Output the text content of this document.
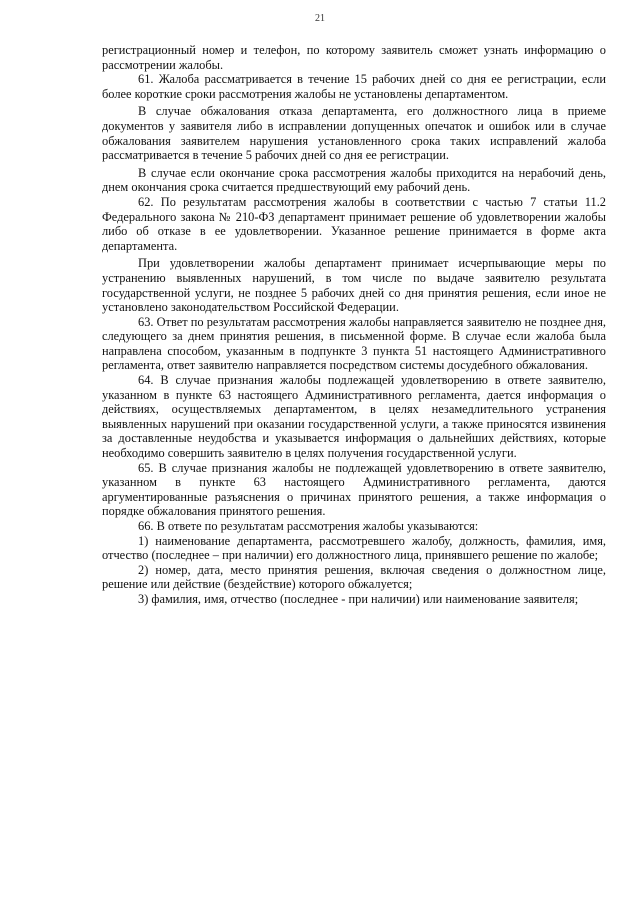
21

регистрационный номер и телефон, по которому заявитель сможет узнать информацию о рассмотрении жалобы.

61. Жалоба рассматривается в течение 15 рабочих дней со дня ее регистрации, если более короткие сроки рассмотрения жалобы не установлены департаментом.

В случае обжалования отказа департамента, его должностного лица в приеме документов у заявителя либо в исправлении допущенных опечаток и ошибок или в случае обжалования заявителем нарушения установленного срока таких исправлений жалоба рассматривается в течение 5 рабочих дней со дня ее регистрации.

В случае если окончание срока рассмотрения жалобы приходится на нерабочий день, днем окончания срока считается предшествующий ему рабочий день.

62. По результатам рассмотрения жалобы в соответствии с частью 7 статьи 11.2 Федерального закона № 210-ФЗ департамент принимает решение об удовлетворении жалобы либо об отказе в ее удовлетворении. Указанное решение принимается в форме акта департамента.

При удовлетворении жалобы департамент принимает исчерпывающие меры по устранению выявленных нарушений, в том числе по выдаче заявителю результата государственной услуги, не позднее 5 рабочих дней со дня принятия решения, если иное не установлено законодательством Российской Федерации.

63. Ответ по результатам рассмотрения жалобы направляется заявителю не позднее дня, следующего за днем принятия решения, в письменной форме. В случае если жалоба была направлена способом, указанным в подпункте 3 пункта 51 настоящего Административного регламента, ответ заявителю направляется посредством системы досудебного обжалования.

64. В случае признания жалобы подлежащей удовлетворению в ответе заявителю, указанном в пункте 63 настоящего Административного регламента, дается информация о действиях, осуществляемых департаментом, в целях незамедлительного устранения выявленных нарушений при оказании государственной услуги, а также приносятся извинения за доставленные неудобства и указывается информация о дальнейших действиях, которые необходимо совершить заявителю в целях получения государственной услуги.

65. В случае признания жалобы не подлежащей удовлетворению в ответе заявителю, указанном в пункте 63 настоящего Административного регламента, даются аргументированные разъяснения о причинах принятого решения, а также информация о порядке обжалования принятого решения.

66. В ответе по результатам рассмотрения жалобы указываются:

1) наименование департамента, рассмотревшего жалобу, должность, фамилия, имя, отчество (последнее – при наличии) его должностного лица, принявшего решение по жалобе;

2) номер, дата, место принятия решения, включая сведения о должностном лице, решение или действие (бездействие) которого обжалуется;

3) фамилия, имя, отчество (последнее - при наличии) или наименование заявителя;
